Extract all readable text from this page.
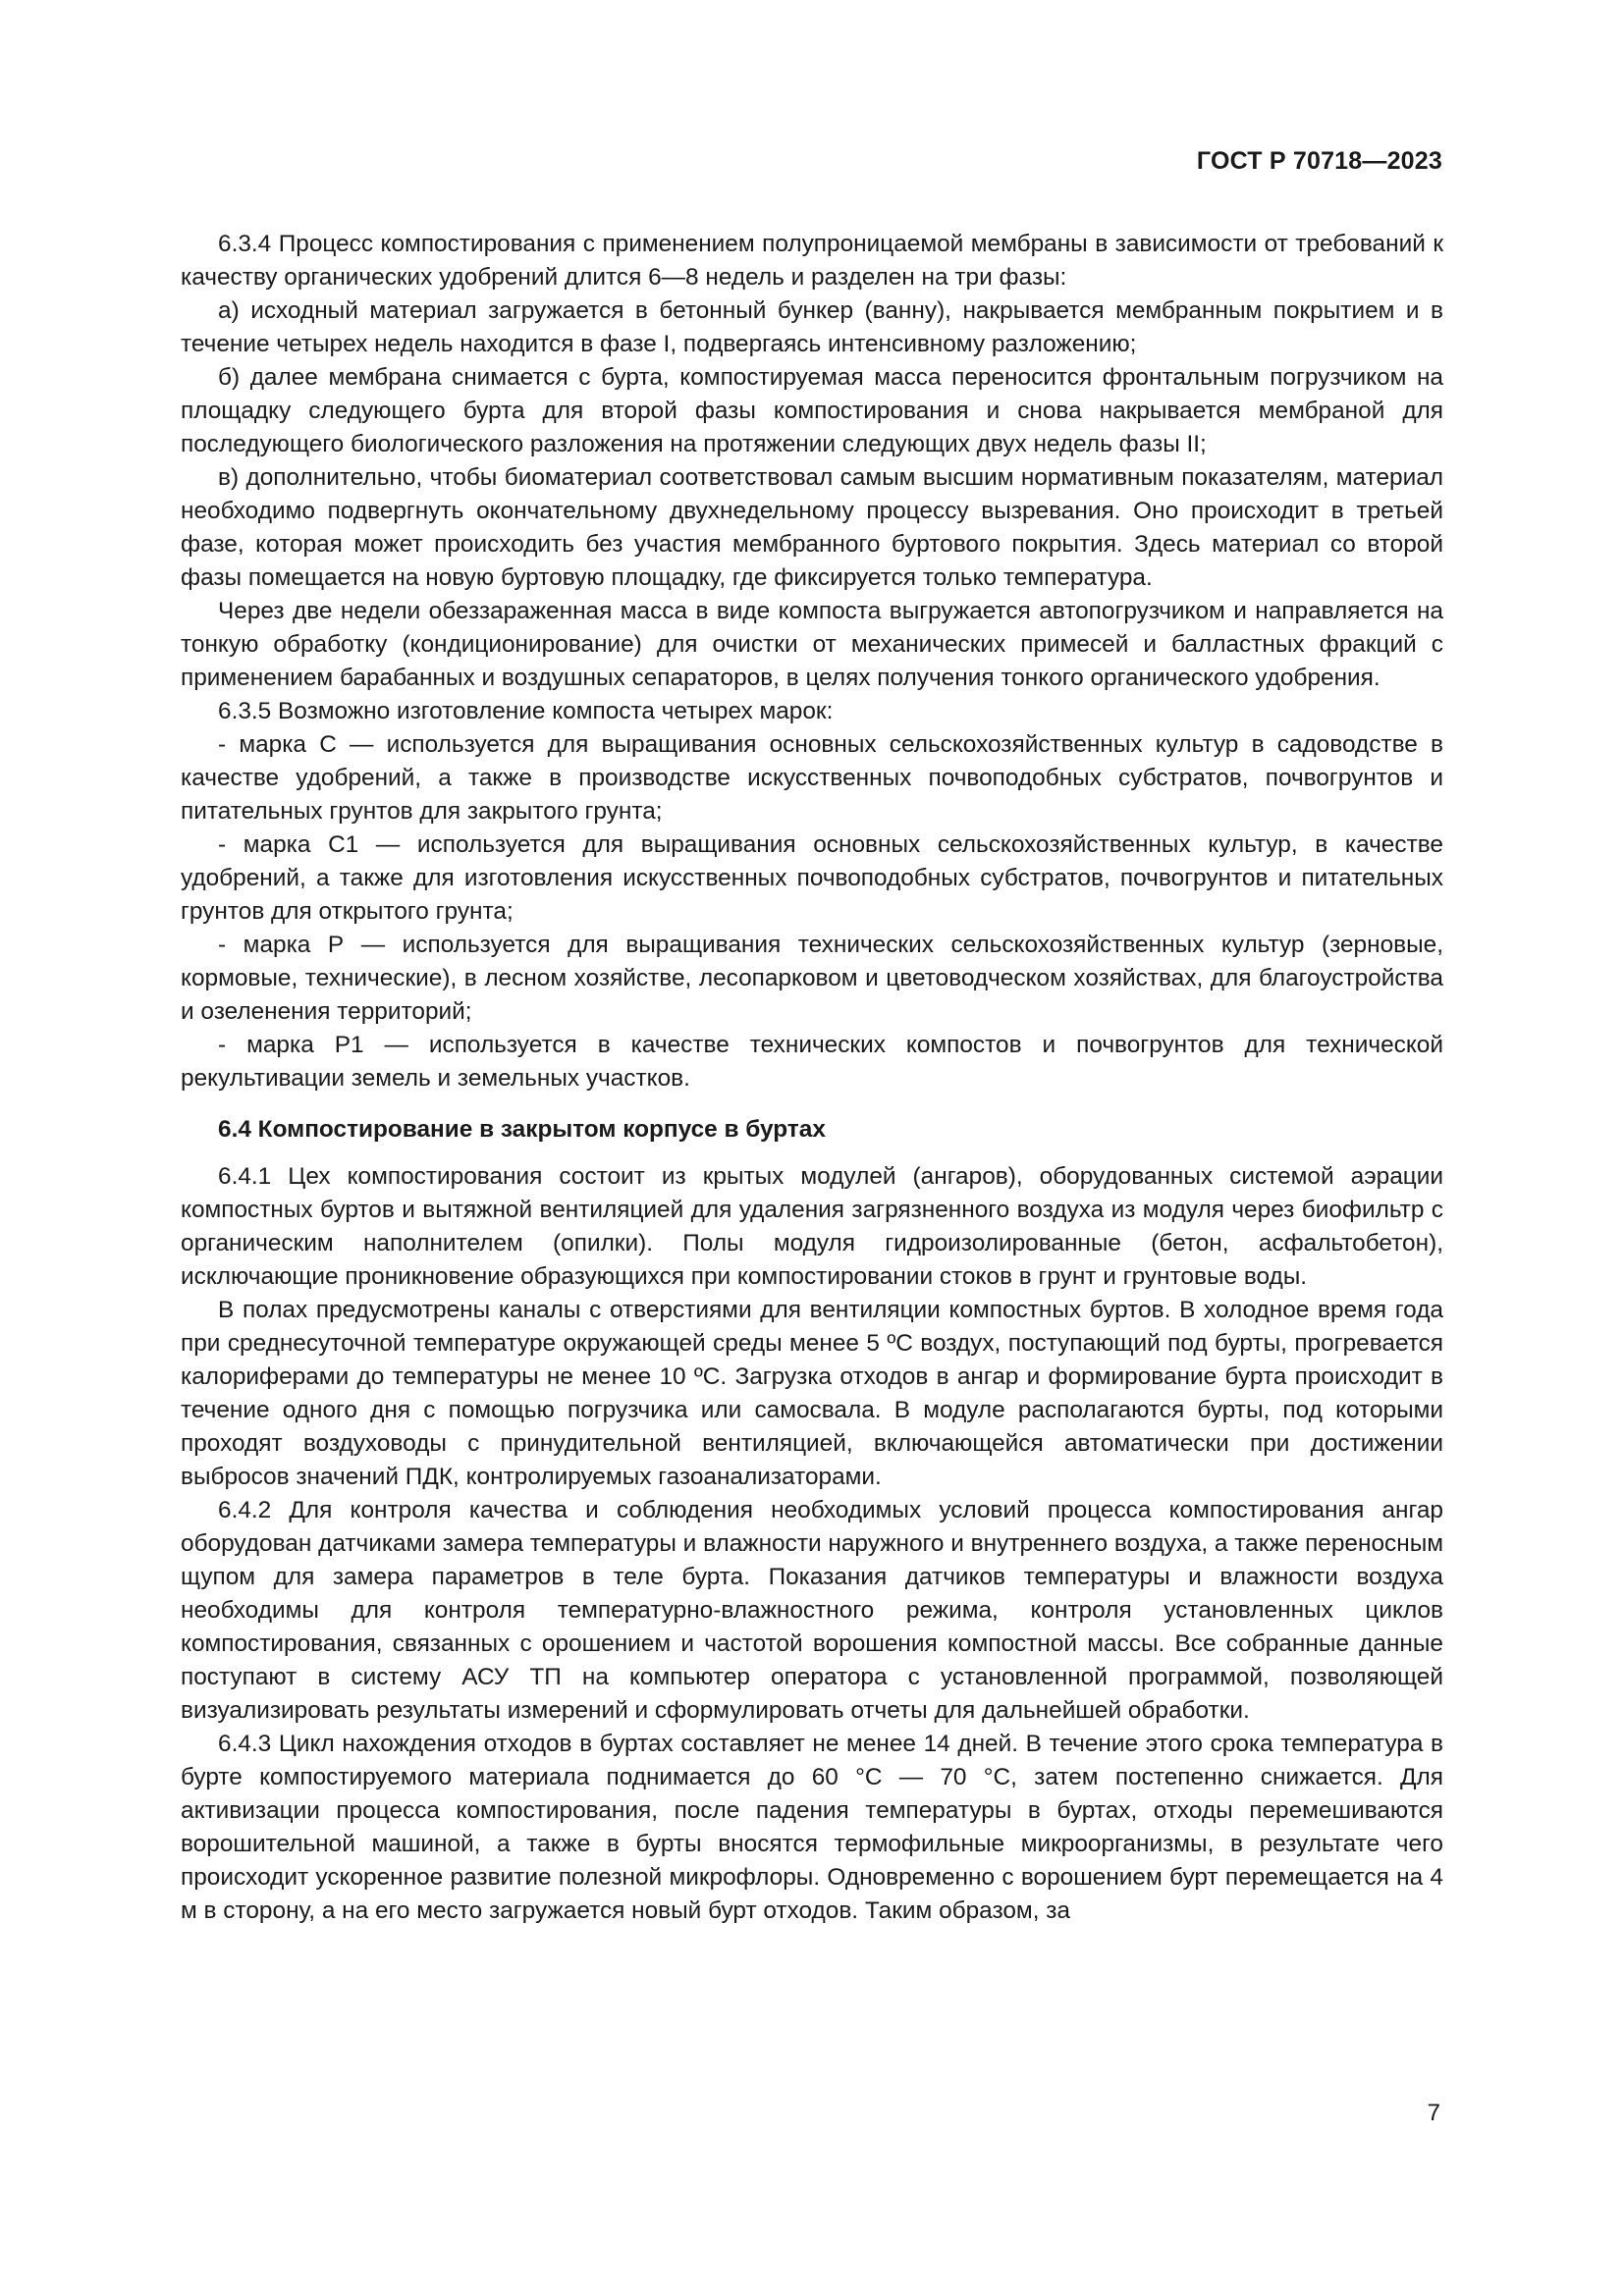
ГОСТ Р 70718—2023

6.3.4 Процесс компостирования с применением полупроницаемой мембраны в зависимости от требований к качеству органических удобрений длится 6—8 недель и разделен на три фазы:

а) исходный материал загружается в бетонный бункер (ванну), накрывается мембранным покрытием и в течение четырех недель находится в фазе I, подвергаясь интенсивному разложению;

б) далее мембрана снимается с бурта, компостируемая масса переносится фронтальным погрузчиком на площадку следующего бурта для второй фазы компостирования и снова накрывается мембраной для последующего биологического разложения на протяжении следующих двух недель фазы II;

в) дополнительно, чтобы биоматериал соответствовал самым высшим нормативным показателям, материал необходимо подвергнуть окончательному двухнедельному процессу вызревания. Оно происходит в третьей фазе, которая может происходить без участия мембранного буртового покрытия. Здесь материал со второй фазы помещается на новую буртовую площадку, где фиксируется только температура.

Через две недели обеззараженная масса в виде компоста выгружается автопогрузчиком и направляется на тонкую обработку (кондиционирование) для очистки от механических примесей и балластных фракций с применением барабанных и воздушных сепараторов, в целях получения тонкого органического удобрения.

6.3.5 Возможно изготовление компоста четырех марок:

- марка С — используется для выращивания основных сельскохозяйственных культур в садоводстве в качестве удобрений, а также в производстве искусственных почвоподобных субстратов, почвогрунтов и питательных грунтов для закрытого грунта;

- марка С1 — используется для выращивания основных сельскохозяйственных культур, в качестве удобрений, а также для изготовления искусственных почвоподобных субстратов, почвогрунтов и питательных грунтов для открытого грунта;

- марка Р — используется для выращивания технических сельскохозяйственных культур (зерновые, кормовые, технические), в лесном хозяйстве, лесопарковом и цветоводческом хозяйствах, для благоустройства и озеленения территорий;

- марка Р1 — используется в качестве технических компостов и почвогрунтов для технической рекультивации земель и земельных участков.

6.4 Компостирование в закрытом корпусе в буртах

6.4.1 Цех компостирования состоит из крытых модулей (ангаров), оборудованных системой аэрации компостных буртов и вытяжной вентиляцией для удаления загрязненного воздуха из модуля через биофильтр с органическим наполнителем (опилки). Полы модуля гидроизолированные (бетон, асфальтобетон), исключающие проникновение образующихся при компостировании стоков в грунт и грунтовые воды.

В полах предусмотрены каналы с отверстиями для вентиляции компостных буртов. В холодное время года при среднесуточной температуре окружающей среды менее 5 ºС воздух, поступающий под бурты, прогревается калориферами до температуры не менее 10 ºС. Загрузка отходов в ангар и формирование бурта происходит в течение одного дня с помощью погрузчика или самосвала. В модуле располагаются бурты, под которыми проходят воздуховоды с принудительной вентиляцией, включающейся автоматически при достижении выбросов значений ПДК, контролируемых газоанализаторами.

6.4.2 Для контроля качества и соблюдения необходимых условий процесса компостирования ангар оборудован датчиками замера температуры и влажности наружного и внутреннего воздуха, а также переносным щупом для замера параметров в теле бурта. Показания датчиков температуры и влажности воздуха необходимы для контроля температурно-влажностного режима, контроля установленных циклов компостирования, связанных с орошением и частотой ворошения компостной массы. Все собранные данные поступают в систему АСУ ТП на компьютер оператора с установленной программой, позволяющей визуализировать результаты измерений и сформулировать отчеты для дальнейшей обработки.

6.4.3 Цикл нахождения отходов в буртах составляет не менее 14 дней. В течение этого срока температура в бурте компостируемого материала поднимается до 60 °С — 70 °С, затем постепенно снижается. Для активизации процесса компостирования, после падения температуры в буртах, отходы перемешиваются ворошительной машиной, а также в бурты вносятся термофильные микроорганизмы, в результате чего происходит ускоренное развитие полезной микрофлоры. Одновременно с ворошением бурт перемещается на 4 м в сторону, а на его место загружается новый бурт отходов. Таким образом, за

7
